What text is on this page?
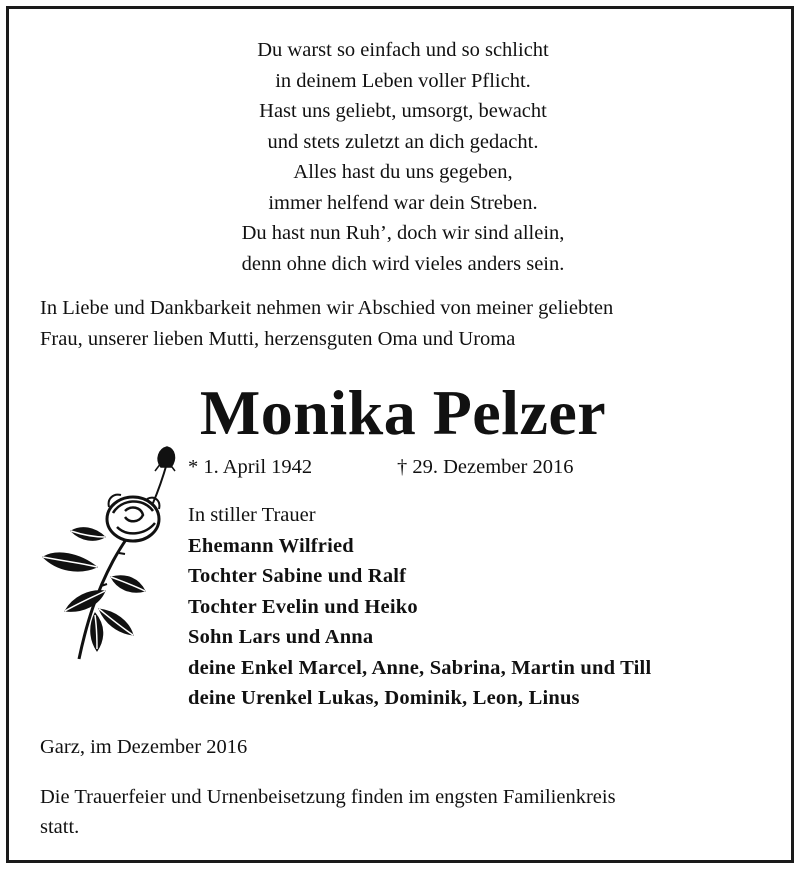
Du warst so einfach und so schlicht
in deinem Leben voller Pflicht.
Hast uns geliebt, umsorgt, bewacht
und stets zuletzt an dich gedacht.
Alles hast du uns gegeben,
immer helfend war dein Streben.
Du hast nun Ruh’, doch wir sind allein,
denn ohne dich wird vieles anders sein.
In Liebe und Dankbarkeit nehmen wir Abschied von meiner geliebten
Frau, unserer lieben Mutti, herzensguten Oma und Uroma
Monika Pelzer
* 1. April 1942	† 29. Dezember 2016
In stiller Trauer
Ehemann Wilfried
Tochter Sabine und Ralf
Tochter Evelin und Heiko
Sohn Lars und Anna
deine Enkel Marcel, Anne, Sabrina, Martin und Till
deine Urenkel Lukas, Dominik, Leon, Linus
Garz, im Dezember 2016
Die Trauerfeier und Urnenbeisetzung finden im engsten Familienkreis
statt.
